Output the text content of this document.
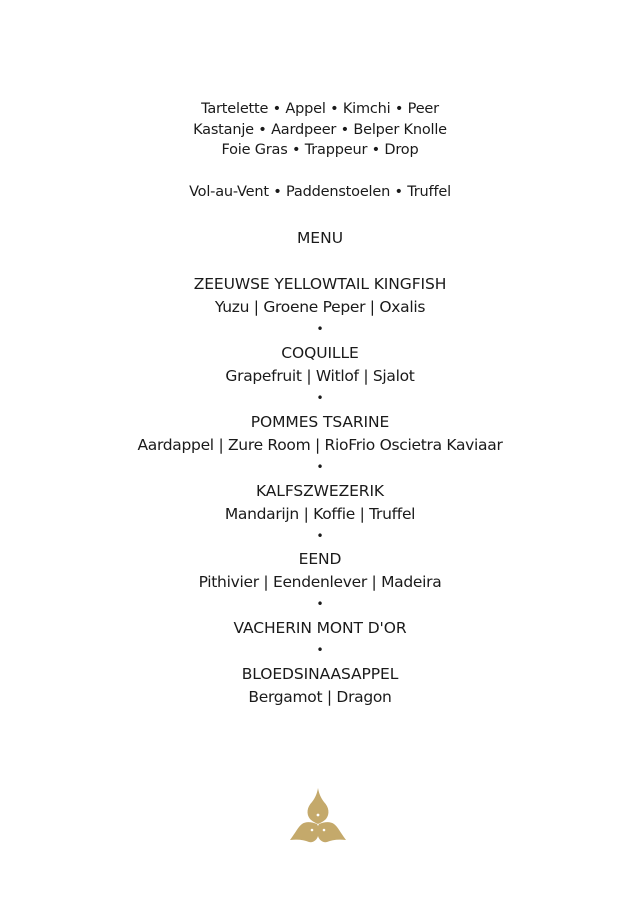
Tartelette • Appel • Kimchi • Peer
Kastanje • Aardpeer • Belper Knolle
Foie Gras • Trappeur • Drop
Vol-au-Vent • Paddenstoelen • Truffel
MENU
ZEEUWSE YELLOWTAIL KINGFISH
Yuzu | Groene Peper | Oxalis
•
COQUILLE
Grapefruit | Witlof | Sjalot
•
POMMES TSARINE
Aardappel | Zure Room | RioFrio Oscietra Kaviaar
•
KALFSZWEZERIK
Mandarijn | Koffie | Truffel
•
EEND
Pithivier | Eendenlever | Madeira
•
VACHERIN MONT D'OR
•
BLOEDSINAASAPPEL
Bergamot | Dragon
